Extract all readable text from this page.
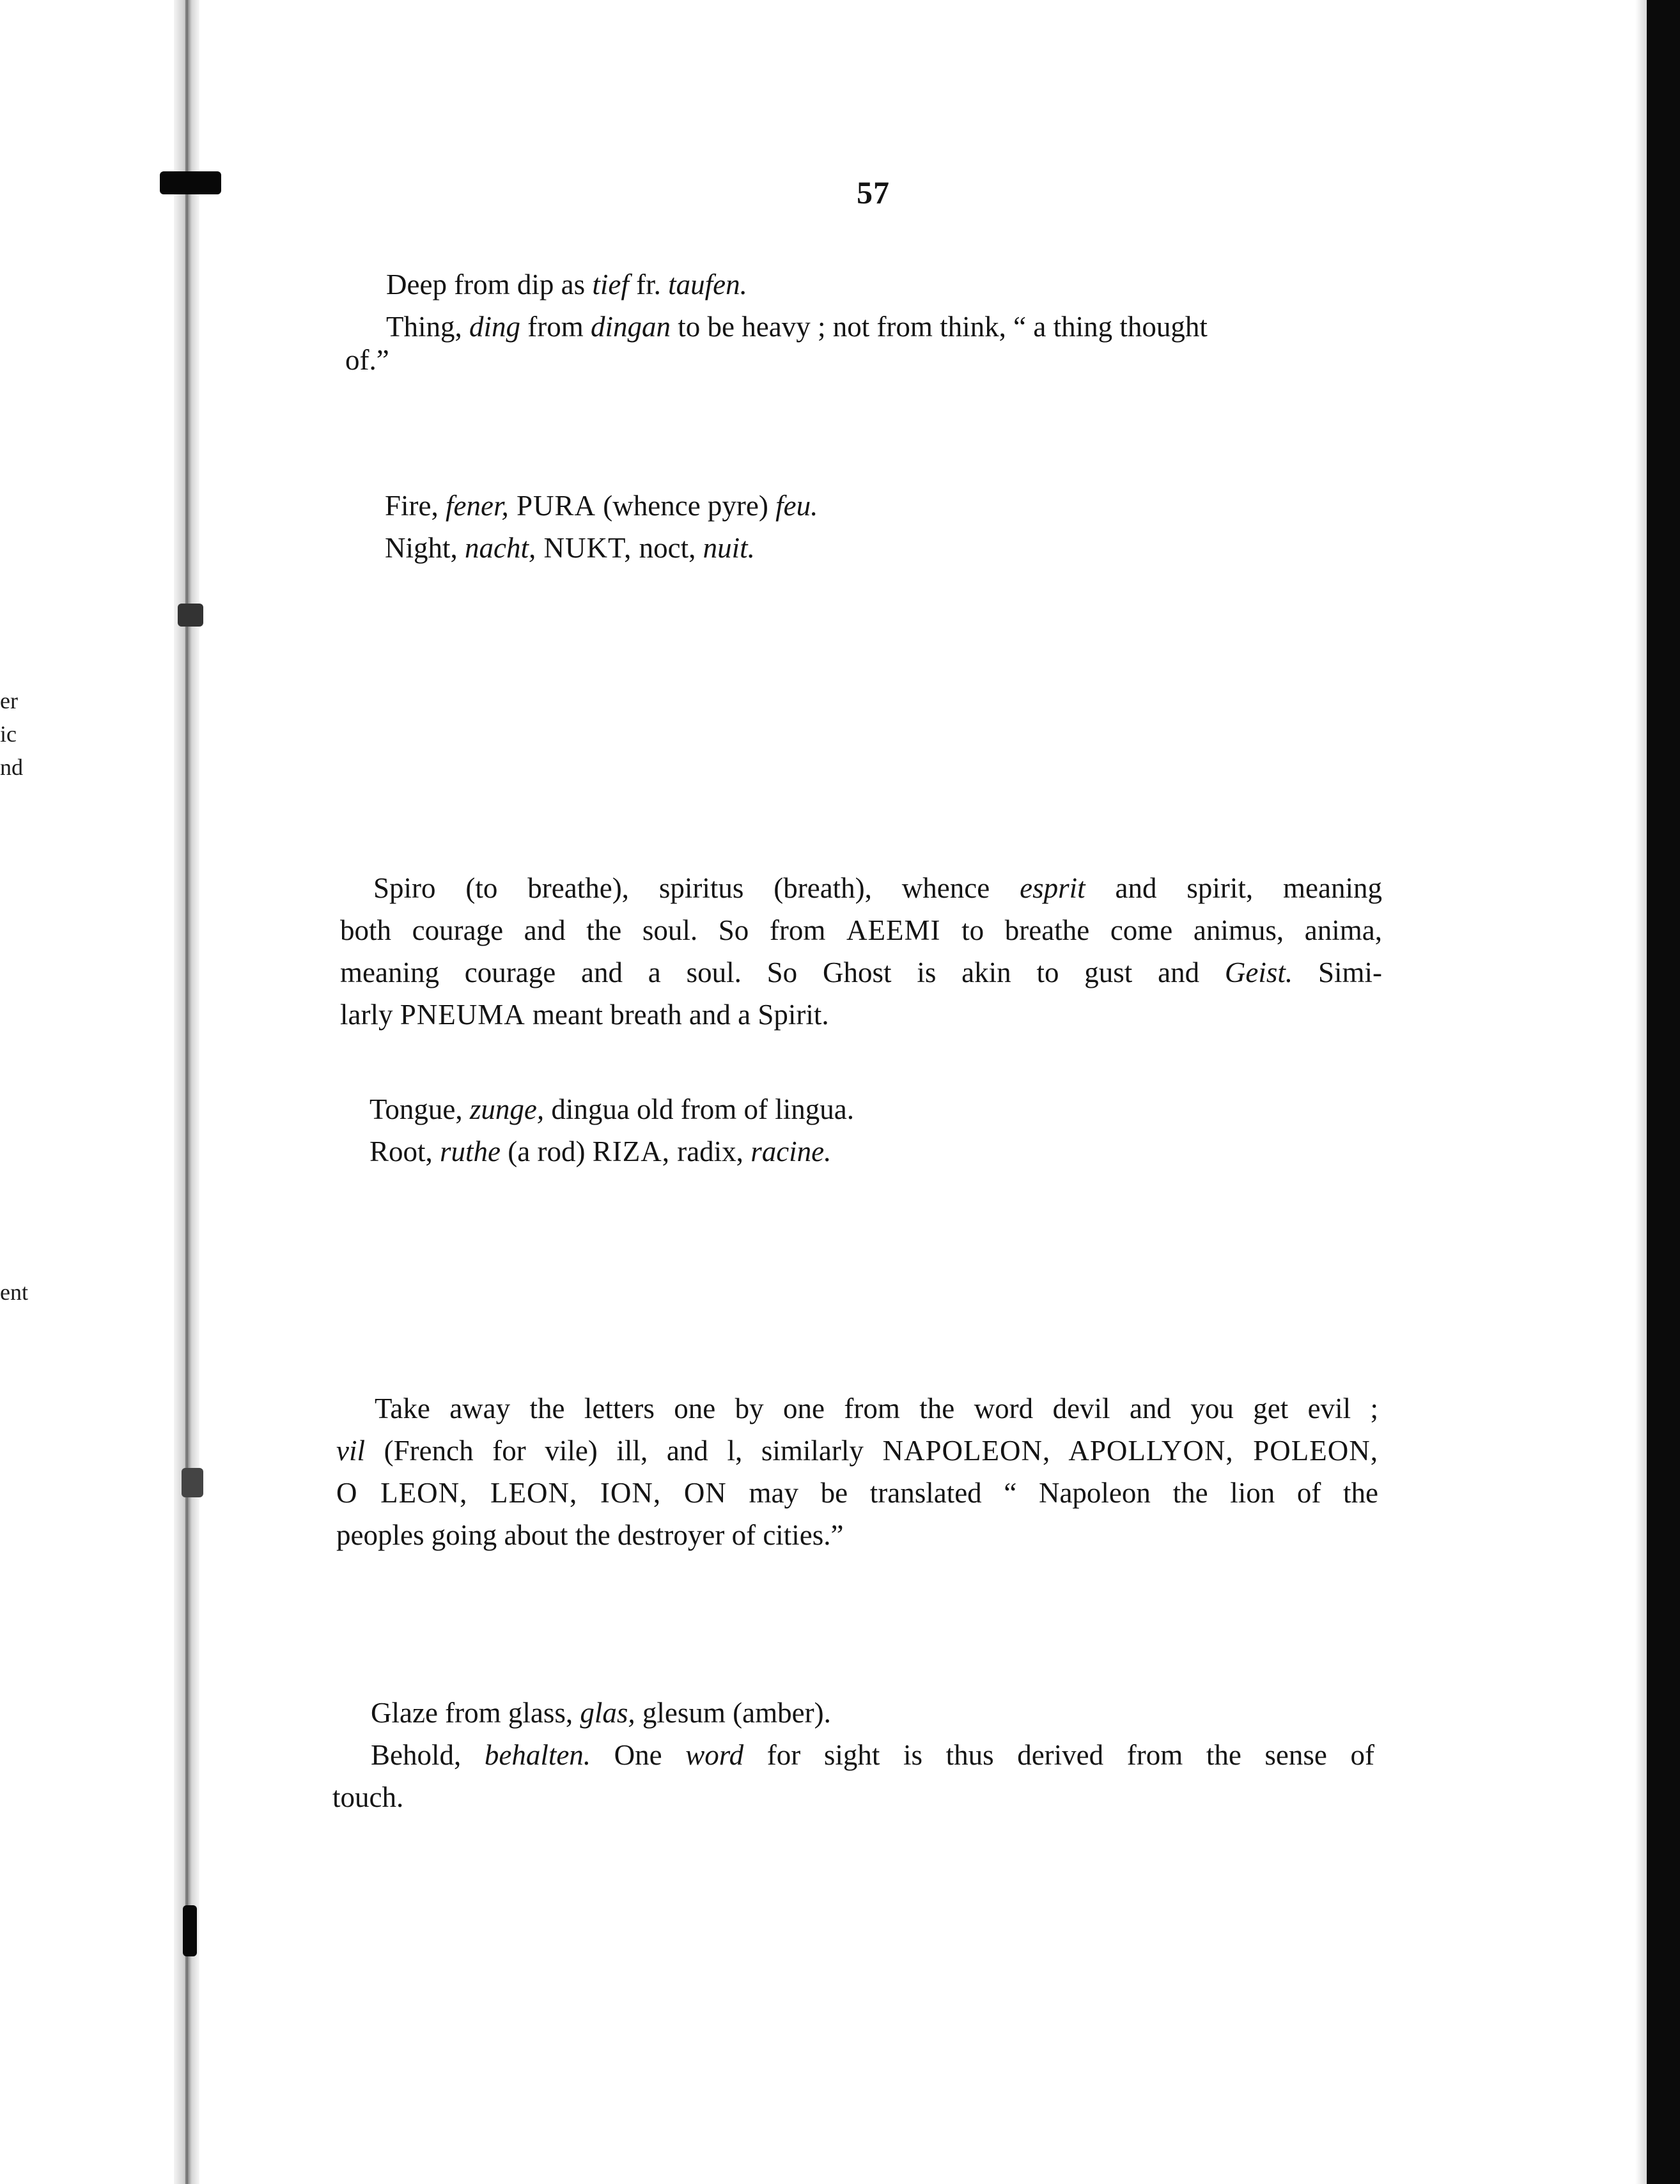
er
ic
nd
ent
57
Deep from dip as tief fr. taufen.
Thing, ding from dingan to be heavy ; not from think, “ a thing thought
of.”
Fire, fener, PURA (whence pyre) feu.
Night, nacht, NUKT, noct, nuit.
Spiro (to breathe), spiritus (breath), whence esprit and spirit, meaning
both courage and the soul. So from AEEMI to breathe come animus, anima,
meaning courage and a soul. So Ghost is akin to gust and Geist. Simi-
larly PNEUMA meant breath and a Spirit.
Tongue, zunge, dingua old from of lingua.
Root, ruthe (a rod) RIZA, radix, racine.
Take away the letters one by one from the word devil and you get evil ;
vil (French for vile) ill, and l, similarly NAPOLEON, APOLLYON, POLEON,
O LEON, LEON, ION, ON may be translated “ Napoleon the lion of the
peoples going about the destroyer of cities.”
Glaze from glass, glas, glesum (amber).
Behold, behalten. One word for sight is thus derived from the sense of
touch.
